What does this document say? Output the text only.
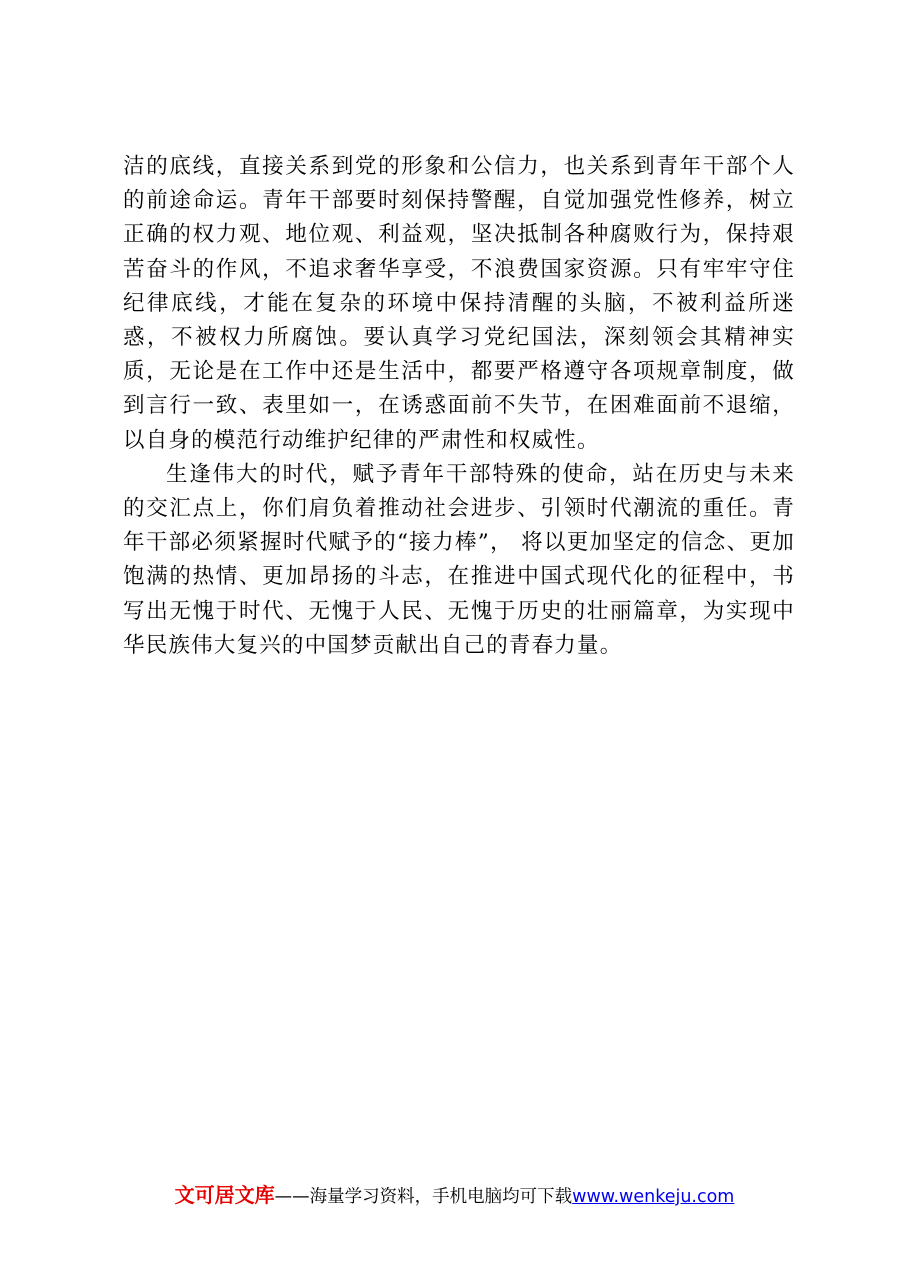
洁的底线，直接关系到党的形象和公信力，也关系到青年干部个人的前途命运。青年干部要时刻保持警醒，自觉加强党性修养，树立正确的权力观、地位观、利益观，坚决抵制各种腐败行为，保持艰苦奋斗的作风，不追求奢华享受，不浪费国家资源。只有牢牢守住纪律底线，才能在复杂的环境中保持清醒的头脑，不被利益所迷惑，不被权力所腐蚀。要认真学习党纪国法，深刻领会其精神实质，无论是在工作中还是生活中，都要严格遵守各项规章制度，做到言行一致、表里如一，在诱惑面前不失节，在困难面前不退缩，以自身的模范行动维护纪律的严肃性和权威性。

生逢伟大的时代，赋予青年干部特殊的使命，站在历史与未来的交汇点上，你们肩负着推动社会进步、引领时代潮流的重任。青年干部必须紧握时代赋予的“接力棒”， 将以更加坚定的信念、更加饱满的热情、更加昂扬的斗志，在推进中国式现代化的征程中，书写出无愧于时代、无愧于人民、无愧于历史的壮丽篇章，为实现中华民族伟大复兴的中国梦贡献出自己的青春力量。

文可居文库——海量学习资料，手机电脑均可下载www.wenkeju.com
